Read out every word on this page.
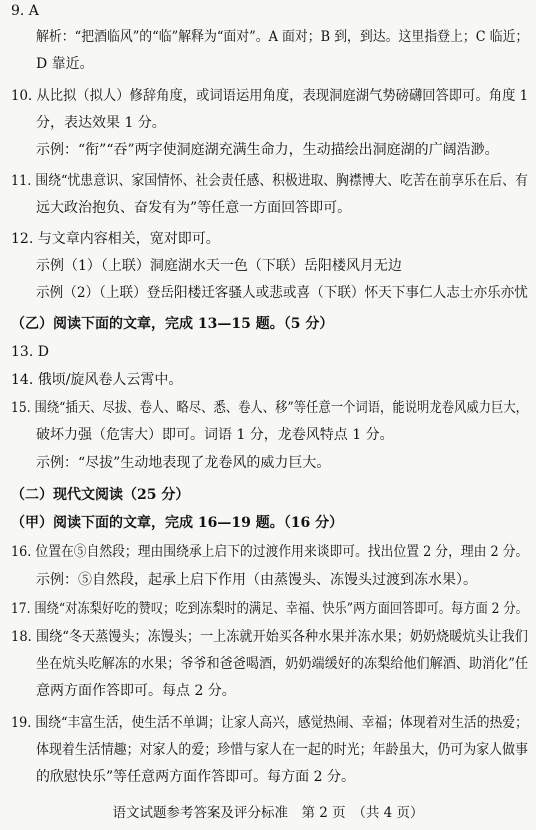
9. A
解析：“把酒临风”的“临”解释为“面对”。A 面对；B 到，到达。这里指登上；C 临近；
D 靠近。
10. 从比拟（拟人）修辞角度，或词语运用角度，表现洞庭湖气势磅礴回答即可。角度 1
分，表达效果 1 分。
示例：“衔”“吞”两字使洞庭湖充满生命力，生动描绘出洞庭湖的广阔浩渺。
11. 围绕“忧患意识、家国情怀、社会责任感、积极进取、胸襟博大、吃苦在前享乐在后、有
远大政治抱负、奋发有为”等任意一方面回答即可。
12. 与文章内容相关，宽对即可。
示例（1）（上联）洞庭湖水天一色（下联）岳阳楼风月无边
示例（2）（上联）登岳阳楼迁客骚人或悲或喜（下联）怀天下事仁人志士亦乐亦忧
（乙）阅读下面的文章，完成 13—15 题。（5 分）
13. D
14. 俄顷/旋风卷人云霄中。
15. 围绕“插天、尽拔、卷人、略尽、悉、卷人、移”等任意一个词语，能说明龙卷风威力巨大，
破坏力强（危害大）即可。词语 1 分，龙卷风特点 1 分。
示例：“尽拔”生动地表现了龙卷风的威力巨大。
（二）现代文阅读（25 分）
（甲）阅读下面的文章，完成 16—19 题。（16 分）
16. 位置在⑤自然段；理由围绕承上启下的过渡作用来谈即可。找出位置 2 分，理由 2 分。
示例：⑤自然段，起承上启下作用（由蒸馒头、冻馒头过渡到冻水果）。
17. 围绕“对冻梨好吃的赞叹；吃到冻梨时的满足、幸福、快乐”两方面回答即可。每方面 2 分。
18. 围绕“冬天蒸馒头；冻馒头；一上冻就开始买各种水果并冻水果；奶奶烧暖炕头让我们
坐在炕头吃解冻的水果；爷爷和爸爸喝酒，奶奶端缓好的冻梨给他们解酒、助消化”任
意两方面作答即可。每点 2 分。
19. 围绕“丰富生活，使生活不单调；让家人高兴，感觉热闹、幸福；体现着对生活的热爱；
体现着生活情趣；对家人的爱；珍惜与家人在一起的时光；年龄虽大，仍可为家人做事
的欣慰快乐”等任意两方面作答即可。每方面 2 分。
语文试题参考答案及评分标准　第 2 页　（共 4 页）
